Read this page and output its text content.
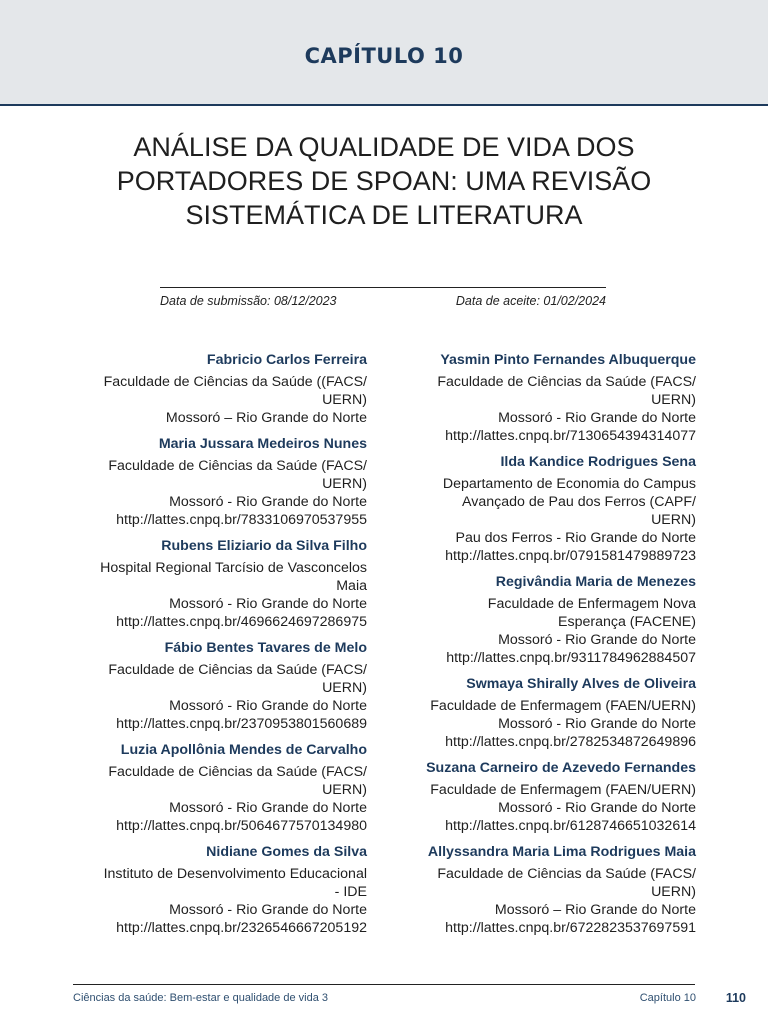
CAPÍTULO 10
ANÁLISE DA QUALIDADE DE VIDA DOS
PORTADORES DE SPOAN: UMA REVISÃO
SISTEMÁTICA DE LITERATURA
Data de submissão: 08/12/2023	Data de aceite: 01/02/2024
Fabricio Carlos Ferreira
Faculdade de Ciências da Saúde ((FACS/
UERN)
Mossoró – Rio Grande do Norte
Maria Jussara Medeiros Nunes
Faculdade de Ciências da Saúde (FACS/
UERN)
Mossoró - Rio Grande do Norte
http://lattes.cnpq.br/7833106970537955
Rubens Eliziario da Silva Filho
Hospital Regional Tarcísio de Vasconcelos
Maia
Mossoró - Rio Grande do Norte
http://lattes.cnpq.br/4696624697286975
Fábio Bentes Tavares de Melo
Faculdade de Ciências da Saúde (FACS/
UERN)
Mossoró - Rio Grande do Norte
http://lattes.cnpq.br/2370953801560689
Luzia Apollônia Mendes de Carvalho
Faculdade de Ciências da Saúde (FACS/
UERN)
Mossoró - Rio Grande do Norte
http://lattes.cnpq.br/5064677570134980
Nidiane Gomes da Silva
Instituto de Desenvolvimento Educacional
- IDE
Mossoró - Rio Grande do Norte
http://lattes.cnpq.br/2326546667205192
Yasmin Pinto Fernandes Albuquerque
Faculdade de Ciências da Saúde (FACS/
UERN)
Mossoró - Rio Grande do Norte
http://lattes.cnpq.br/7130654394314077
Ilda Kandice Rodrigues Sena
Departamento de Economia do Campus
Avançado de Pau dos Ferros (CAPF/
UERN)
Pau dos Ferros - Rio Grande do Norte
http://lattes.cnpq.br/0791581479889723
Regivândia Maria de Menezes
Faculdade de Enfermagem Nova
Esperança (FACENE)
Mossoró - Rio Grande do Norte
http://lattes.cnpq.br/9311784962884507
Swmaya Shirally Alves de Oliveira
Faculdade de Enfermagem (FAEN/UERN)
Mossoró - Rio Grande do Norte
http://lattes.cnpq.br/2782534872649896
Suzana Carneiro de Azevedo Fernandes
Faculdade de Enfermagem (FAEN/UERN)
Mossoró - Rio Grande do Norte
http://lattes.cnpq.br/6128746651032614
Allyssandra Maria Lima Rodrigues Maia
Faculdade de Ciências da Saúde (FACS/
UERN)
Mossoró – Rio Grande do Norte
http://lattes.cnpq.br/6722823537697591
Ciências da saúde: Bem-estar e qualidade de vida 3	Capítulo 10 110
